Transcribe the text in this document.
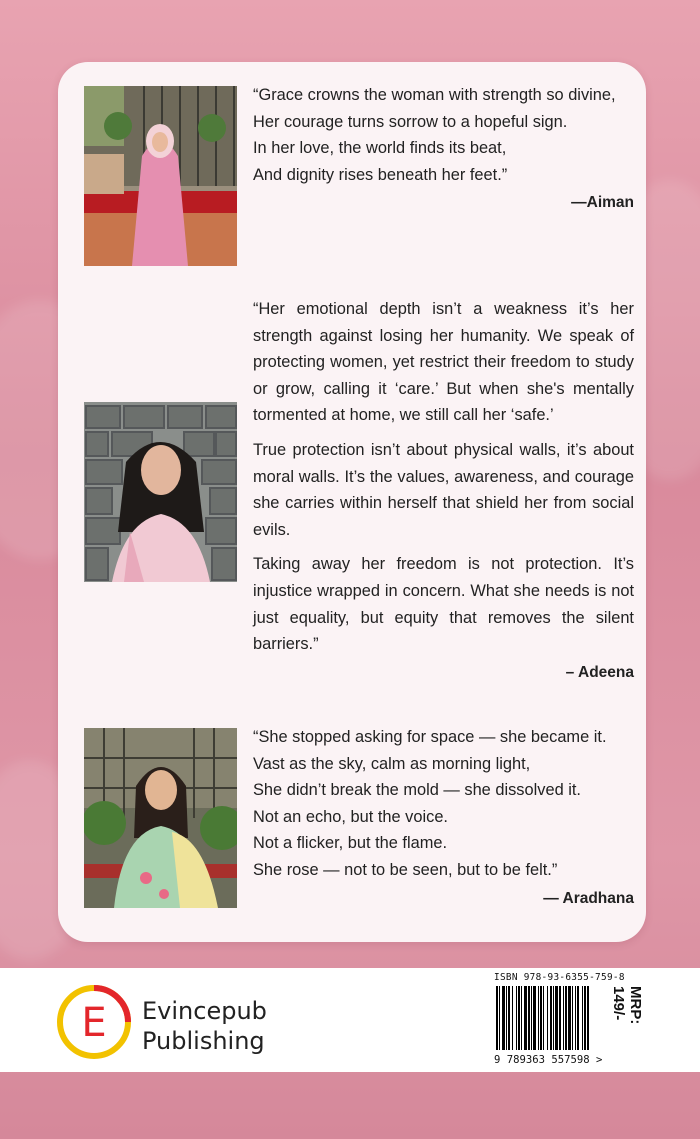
“Grace crowns the woman with strength so divine,

Her courage turns sorrow to a hopeful sign.

In her love, the world finds its beat,

And dignity rises beneath her feet.”

—Aiman

“Her emotional depth isn’t a weakness it’s her strength against losing her humanity. We speak of protecting women, yet restrict their freedom to study or grow, calling it ‘care.’ But when she's mentally tormented at home, we still call her ‘safe.’

True protection isn’t about physical walls, it’s about moral walls. It’s the values, awareness, and courage she carries within herself that shield her from social evils.

Taking away her freedom is not protection. It’s injustice wrapped in concern. What she needs is not just equality, but equity that removes the silent barriers.”

– Adeena

“She stopped asking for space — she became it.

Vast as the sky, calm as morning light,

She didn’t break the mold — she dissolved it.

Not an echo, but the voice.

Not a flicker, but the flame.

She rose — not to be seen, but to be felt.”

— Aradhana

E Evincepub
Publishing
ISBN 978-93-6355-759-8
9 789363 557598 >
MRP: 149/-
